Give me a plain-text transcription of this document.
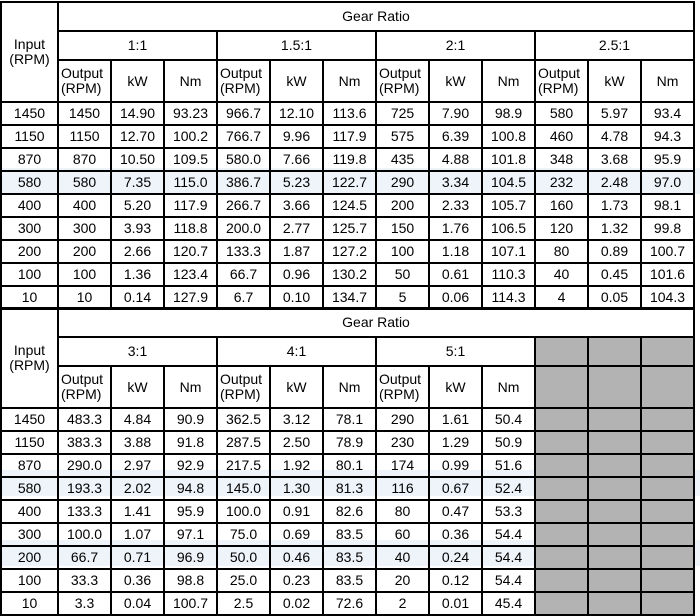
Input (RPM)	Gear Ratio											
	1:1			1.5:1			2:1			2.5:1		
	Output (RPM)	kW	Nm	Output (RPM)	kW	Nm	Output (RPM)	kW	Nm	Output (RPM)	kW	Nm
1450	1450	14.90	93.23	966.7	12.10	113.6	725	7.90	98.9	580	5.97	93.4
1150	1150	12.70	100.2	766.7	9.96	117.9	575	6.39	100.8	460	4.78	94.3
870	870	10.50	109.5	580.0	7.66	119.8	435	4.88	101.8	348	3.68	95.9
580	580	7.35	115.0	386.7	5.23	122.7	290	3.34	104.5	232	2.48	97.0
400	400	5.20	117.9	266.7	3.66	124.5	200	2.33	105.7	160	1.73	98.1
300	300	3.93	118.8	200.0	2.77	125.7	150	1.76	106.5	120	1.32	99.8
200	200	2.66	120.7	133.3	1.87	127.2	100	1.18	107.1	80	0.89	100.7
100	100	1.36	123.4	66.7	0.96	130.2	50	0.61	110.3	40	0.45	101.6
10	10	0.14	127.9	6.7	0.10	134.7	5	0.06	114.3	4	0.05	104.3
Input (RPM)	Gear Ratio											
	3:1			4:1			5:1					
	Output (RPM)	kW	Nm	Output (RPM)	kW	Nm	Output (RPM)	kW	Nm			
1450	483.3	4.84	90.9	362.5	3.12	78.1	290	1.61	50.4			
1150	383.3	3.88	91.8	287.5	2.50	78.9	230	1.29	50.9			
870	290.0	2.97	92.9	217.5	1.92	80.1	174	0.99	51.6			
580	193.3	2.02	94.8	145.0	1.30	81.3	116	0.67	52.4			
400	133.3	1.41	95.9	100.0	0.91	82.6	80	0.47	53.3			
300	100.0	1.07	97.1	75.0	0.69	83.5	60	0.36	54.4			
200	66.7	0.71	96.9	50.0	0.46	83.5	40	0.24	54.4			
100	33.3	0.36	98.8	25.0	0.23	83.5	20	0.12	54.4			
10	3.3	0.04	100.7	2.5	0.02	72.6	2	0.01	45.4			
